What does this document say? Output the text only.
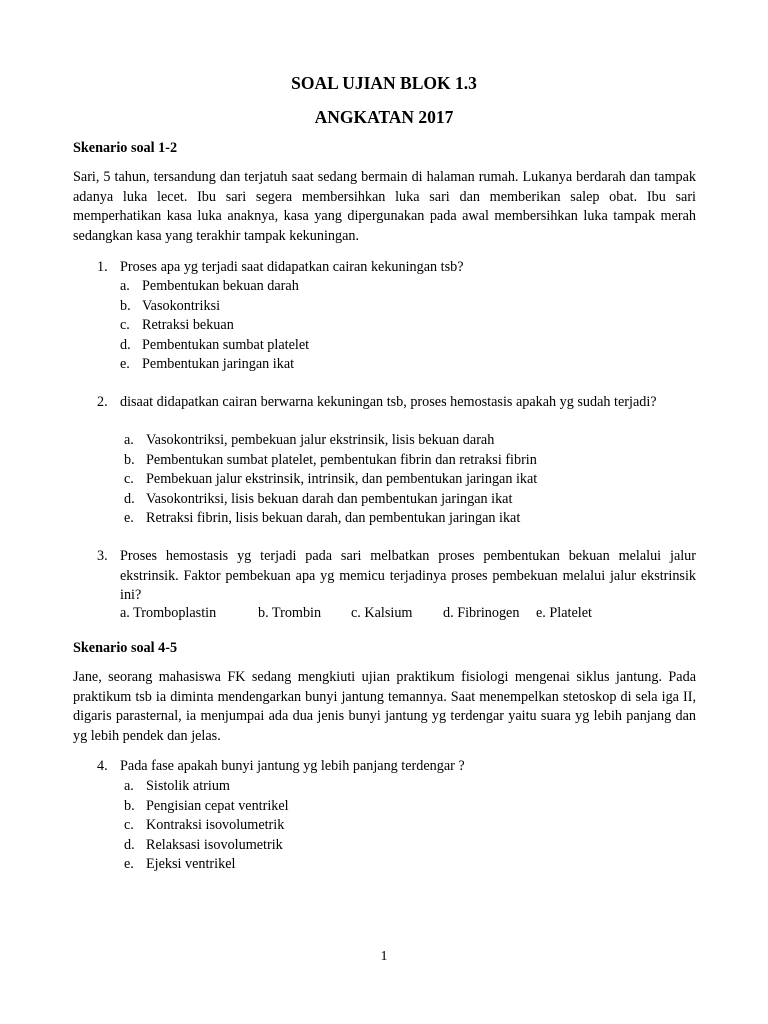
SOAL UJIAN BLOK 1.3
ANGKATAN 2017
Skenario soal 1-2

Sari, 5 tahun, tersandung dan terjatuh saat sedang bermain di halaman rumah. Lukanya berdarah dan tampak adanya luka lecet. Ibu sari segera membersihkan luka sari dan memberikan salep obat. Ibu sari memperhatikan kasa luka anaknya, kasa yang dipergunakan pada awal membersihkan luka tampak merah sedangkan kasa yang terakhir tampak kekuningan.

1. Proses apa yg terjadi saat didapatkan cairan kekuningan tsb?

a. Pembentukan bekuan darah
b. Vasokontriksi
c. Retraksi bekuan
d. Pembentukan sumbat platelet
e. Pembentukan jaringan ikat
2. disaat didapatkan cairan berwarna kekuningan tsb, proses hemostasis apakah yg sudah terjadi?

a. Vasokontriksi, pembekuan jalur ekstrinsik, lisis bekuan darah
b. Pembentukan sumbat platelet, pembentukan fibrin dan retraksi fibrin
c. Pembekuan jalur ekstrinsik, intrinsik, dan pembentukan jaringan ikat
d. Vasokontriksi, lisis bekuan darah dan pembentukan jaringan ikat
e. Retraksi fibrin, lisis bekuan darah, dan pembentukan jaringan ikat
3. Proses hemostasis yg terjadi pada sari melbatkan proses pembentukan bekuan melalui jalur ekstrinsik. Faktor pembekuan apa yg memicu terjadinya proses pembekuan melalui jalur ekstrinsik ini?

a. Tromboplastin	b. Trombin c. Kalsium d. Fibrinogen e. Platelet
Skenario soal 4-5

Jane, seorang mahasiswa FK sedang mengkiuti ujian praktikum fisiologi mengenai siklus jantung. Pada praktikum tsb ia diminta mendengarkan bunyi jantung temannya. Saat menempelkan stetoskop di sela iga II, digaris parasternal, ia menjumpai ada dua jenis bunyi jantung yg terdengar yaitu suara yg lebih panjang dan yg lebih pendek dan jelas.

4. Pada fase apakah bunyi jantung yg lebih panjang terdengar ?

a. Sistolik atrium
b. Pengisian cepat ventrikel
c. Kontraksi isovolumetrik
d. Relaksasi isovolumetrik
e. Ejeksi ventrikel
1
